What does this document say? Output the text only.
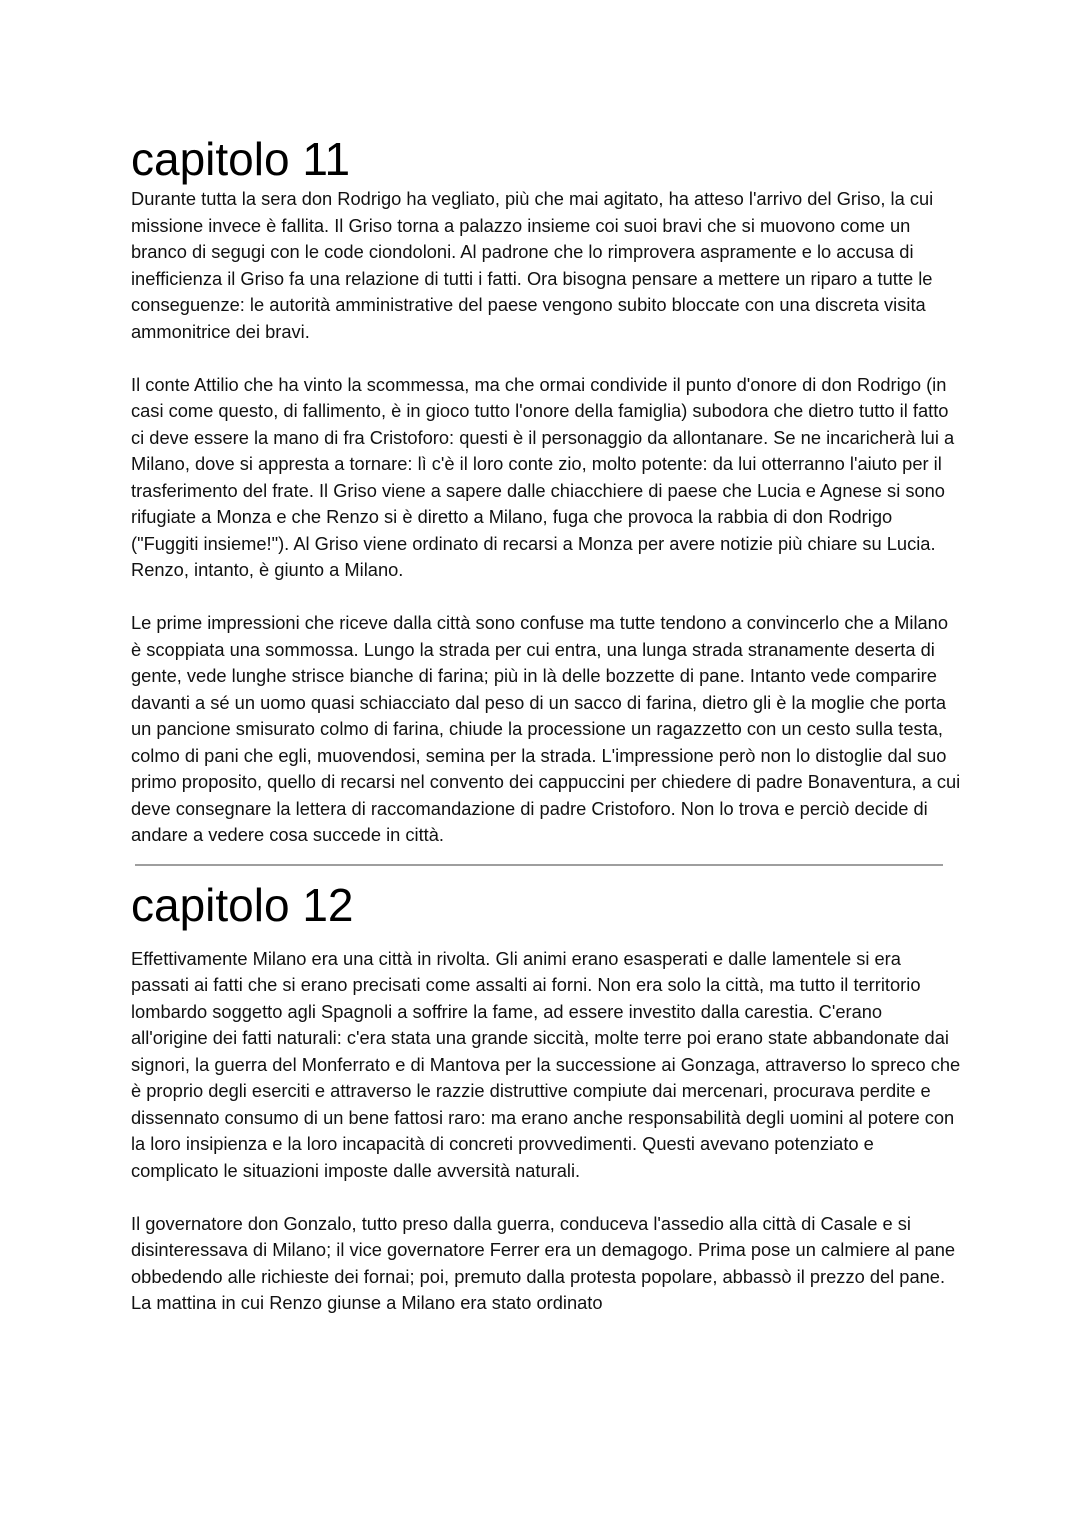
capitolo 11

Durante tutta la sera don Rodrigo ha vegliato, più che mai agitato, ha atteso l'arrivo del Griso, la cui missione invece è fallita. Il Griso torna a palazzo insieme coi suoi bravi che si muovono come un branco di segugi con le code ciondoloni. Al padrone che lo rimprovera aspramente e lo accusa di inefficienza il Griso fa una relazione di tutti i fatti. Ora bisogna pensare a mettere un riparo a tutte le conseguenze: le autorità amministrative del paese vengono subito bloccate con una discreta visita ammonitrice dei bravi.

Il conte Attilio che ha vinto la scommessa, ma che ormai condivide il punto d'onore di don Rodrigo (in casi come questo, di fallimento, è in gioco tutto l'onore della famiglia) subodora che dietro tutto il fatto ci deve essere la mano di fra Cristoforo: questi è il personaggio da allontanare. Se ne incaricherà lui a Milano, dove si appresta a tornare: lì c'è il loro conte zio, molto potente: da lui otterranno l'aiuto per il trasferimento del frate. Il Griso viene a sapere dalle chiacchiere di paese che Lucia e Agnese si sono rifugiate a Monza e che Renzo si è diretto a Milano, fuga che provoca la rabbia di don Rodrigo ("Fuggiti insieme!"). Al Griso viene ordinato di recarsi a Monza per avere notizie più chiare su Lucia. Renzo, intanto, è giunto a Milano.

Le prime impressioni che riceve dalla città sono confuse ma tutte tendono a convincerlo che a Milano è scoppiata una sommossa. Lungo la strada per cui entra, una lunga strada stranamente deserta di gente, vede lunghe strisce bianche di farina; più in là delle bozzette di pane. Intanto vede comparire davanti a sé un uomo quasi schiacciato dal peso di un sacco di farina, dietro gli è la moglie che porta un pancione smisurato colmo di farina, chiude la processione un ragazzetto con un cesto sulla testa, colmo di pani che egli, muovendosi, semina per la strada. L'impressione però non lo distoglie dal suo primo proposito, quello di recarsi nel convento dei cappuccini per chiedere di padre Bonaventura, a cui deve consegnare la lettera di raccomandazione di padre Cristoforo. Non lo trova e perciò decide di andare a vedere cosa succede in città.

capitolo 12

Effettivamente Milano era una città in rivolta. Gli animi erano esasperati e dalle lamentele si era passati ai fatti che si erano precisati come assalti ai forni. Non era solo la città, ma tutto il territorio lombardo soggetto agli Spagnoli a soffrire la fame, ad essere investito dalla carestia. C'erano all'origine dei fatti naturali: c'era stata una grande siccità, molte terre poi erano state abbandonate dai signori, la guerra del Monferrato e di Mantova per la successione ai Gonzaga, attraverso lo spreco che è proprio degli eserciti e attraverso le razzie distruttive compiute dai mercenari, procurava perdite e dissennato consumo di un bene fattosi raro: ma erano anche responsabilità degli uomini al potere con la loro insipienza e la loro incapacità di concreti provvedimenti. Questi avevano potenziato e complicato le situazioni imposte dalle avversità naturali.

Il governatore don Gonzalo, tutto preso dalla guerra, conduceva l'assedio alla città di Casale e si disinteressava di Milano; il vice governatore Ferrer era un demagogo. Prima pose un calmiere al pane obbedendo alle richieste dei fornai; poi, premuto dalla protesta popolare, abbassò il prezzo del pane. La mattina in cui Renzo giunse a Milano era stato ordinato
